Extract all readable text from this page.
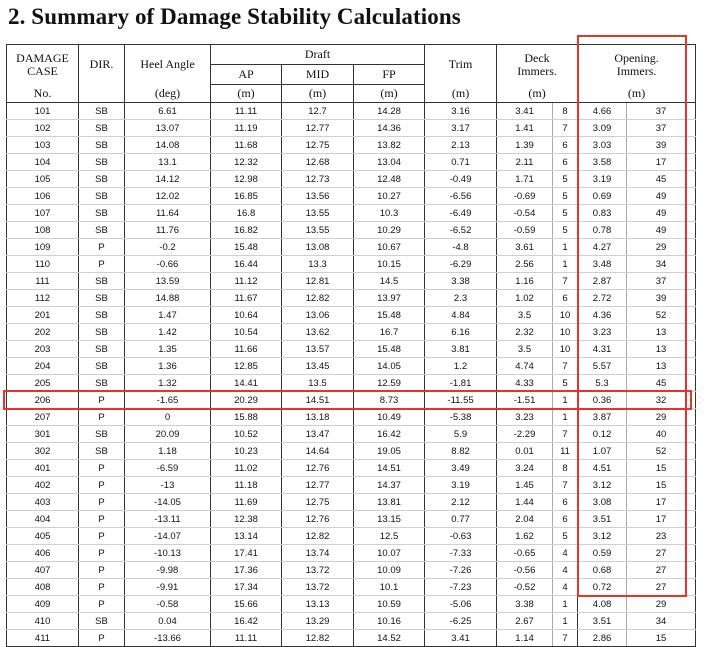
2. Summary of Damage Stability Calculations
DAMAGE
CASE	DIR.	Heel Angle	Draft			Trim	Deck
Immers.		Opening.
Immers.	
			AP	MID	FP					
No.		(deg)	(m)	(m)	(m)	(m)	(m)		(m)	
101	SB	6.61	11.11	12.7	14.28	3.16	3.41	8	4.66	37
102	SB	13.07	11.19	12.77	14.36	3.17	1.41	7	3.09	37
103	SB	14.08	11.68	12.75	13.82	2.13	1.39	6	3.03	39
104	SB	13.1	12.32	12.68	13.04	0.71	2.11	6	3.58	17
105	SB	14.12	12.98	12.73	12.48	-0.49	1.71	5	3.19	45
106	SB	12.02	16.85	13.56	10.27	-6.56	-0.69	5	0.69	49
107	SB	11.64	16.8	13.55	10.3	-6.49	-0.54	5	0.83	49
108	SB	11.76	16.82	13.55	10.29	-6.52	-0.59	5	0.78	49
109	P	-0.2	15.48	13.08	10.67	-4.8	3.61	1	4.27	29
110	P	-0.66	16.44	13.3	10.15	-6.29	2.56	1	3.48	34
111	SB	13.59	11.12	12.81	14.5	3.38	1.16	7	2.87	37
112	SB	14.88	11.67	12.82	13.97	2.3	1.02	6	2.72	39
201	SB	1.47	10.64	13.06	15.48	4.84	3.5	10	4.36	52
202	SB	1.42	10.54	13.62	16.7	6.16	2.32	10	3.23	13
203	SB	1.35	11.66	13.57	15.48	3.81	3.5	10	4.31	13
204	SB	1.36	12.85	13.45	14.05	1.2	4.74	7	5.57	13
205	SB	1.32	14.41	13.5	12.59	-1.81	4.33	5	5.3	45
206	P	-1.65	20.29	14.51	8.73	-11.55	-1.51	1	0.36	32
207	P	0	15.88	13.18	10.49	-5.38	3.23	1	3.87	29
301	SB	20.09	10.52	13.47	16.42	5.9	-2.29	7	0.12	40
302	SB	1.18	10.23	14.64	19.05	8.82	0.01	11	1.07	52
401	P	-6.59	11.02	12.76	14.51	3.49	3.24	8	4.51	15
402	P	-13	11.18	12.77	14.37	3.19	1.45	7	3.12	15
403	P	-14.05	11.69	12.75	13.81	2.12	1.44	6	3.08	17
404	P	-13.11	12.38	12.76	13.15	0.77	2.04	6	3.51	17
405	P	-14.07	13.14	12.82	12.5	-0.63	1.62	5	3.12	23
406	P	-10.13	17.41	13.74	10.07	-7.33	-0.65	4	0.59	27
407	P	-9.98	17.36	13.72	10.09	-7.26	-0.56	4	0.68	27
408	P	-9.91	17.34	13.72	10.1	-7.23	-0.52	4	0.72	27
409	P	-0.58	15.66	13.13	10.59	-5.06	3.38	1	4.08	29
410	SB	0.04	16.42	13.29	10.16	-6.25	2.67	1	3.51	34
411	P	-13.66	11.11	12.82	14.52	3.41	1.14	7	2.86	15
